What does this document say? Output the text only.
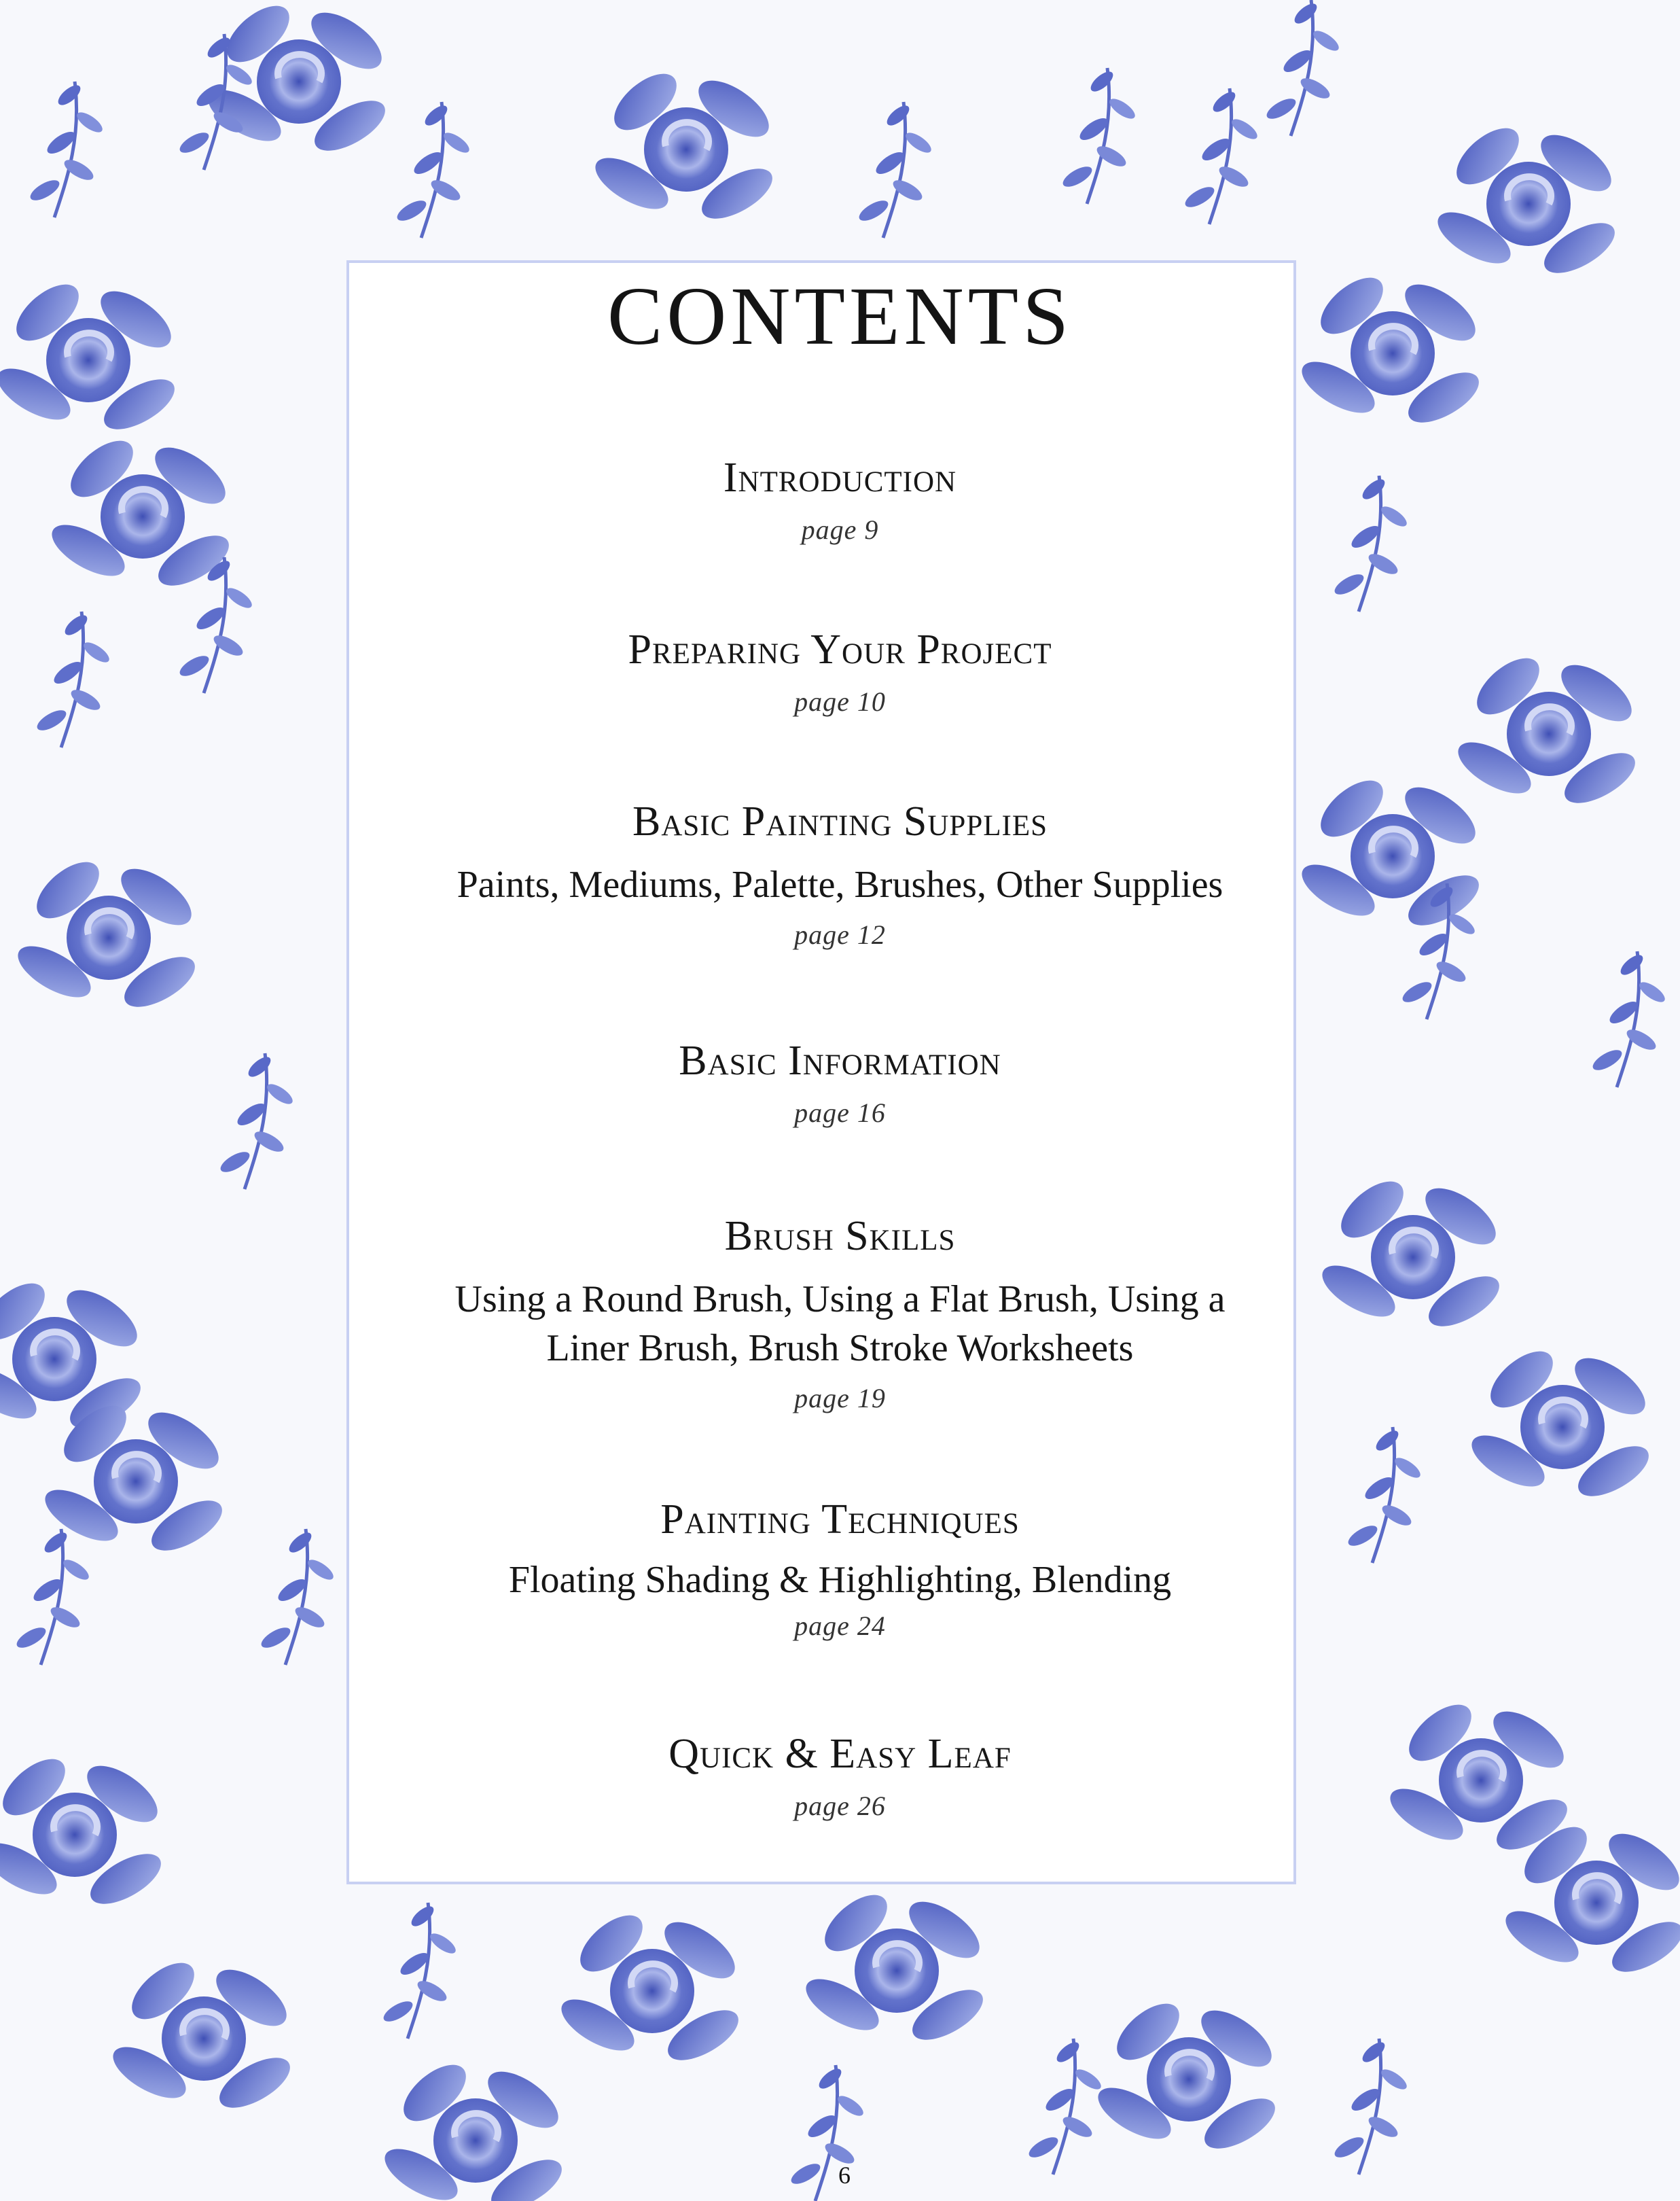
CONTENTS
Introduction
page 9
Preparing Your Project
page 10
Basic Painting Supplies
Paints, Mediums, Palette, Brushes, Other Supplies
page 12
Basic Information
page 16
Brush Skills
Using a Round Brush, Using a Flat Brush, Using a Liner Brush, Brush Stroke Worksheets
page 19
Painting Techniques
Floating Shading & Highlighting, Blending
page 24
Quick & Easy Leaf
page 26
6
